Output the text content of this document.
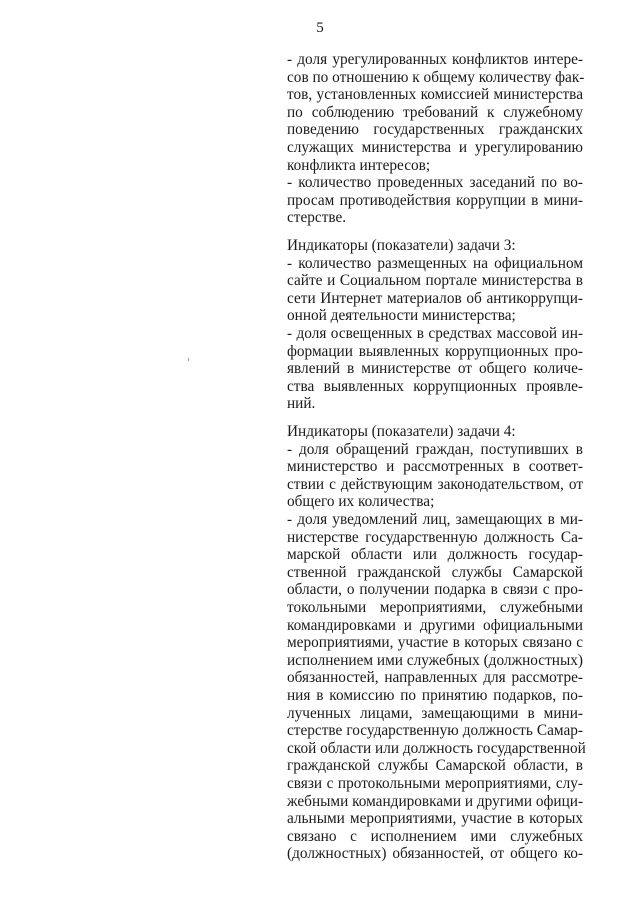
5
- доля урегулированных конфликтов интере-
сов по отношению к общему количеству фак-
тов, установленных комиссией министерства
по соблюдению требований к служебному
поведению государственных гражданских
служащих министерства и урегулированию
конфликта интересов;
- количество проведенных заседаний по во-
просам противодействия коррупции в мини-
стерстве.
Индикаторы (показатели) задачи 3:
- количество размещенных на официальном
сайте и Социальном портале министерства в
сети Интернет материалов об антикоррупци-
онной деятельности министерства;
- доля освещенных в средствах массовой ин-
формации выявленных коррупционных про-
явлений в министерстве от общего количе-
ства выявленных коррупционных проявле-
ний.
Индикаторы (показатели) задачи 4:
- доля обращений граждан, поступивших в
министерство и рассмотренных в соответ-
ствии с действующим законодательством, от
общего их количества;
- доля уведомлений лиц, замещающих в ми-
нистерстве государственную должность Са-
марской области или должность государ-
ственной гражданской службы Самарской
области, о получении подарка в связи с про-
токольными мероприятиями, служебными
командировками и другими официальными
мероприятиями, участие в которых связано с
исполнением ими служебных (должностных)
обязанностей, направленных для рассмотре-
ния в комиссию по принятию подарков, по-
лученных лицами, замещающими в мини-
стерстве государственную должность Самар-
ской области или должность государственной
гражданской службы Самарской области, в
связи с протокольными мероприятиями, слу-
жебными командировками и другими офици-
альными мероприятиями, участие в которых
связано с исполнением ими служебных
(должностных) обязанностей, от общего ко-
